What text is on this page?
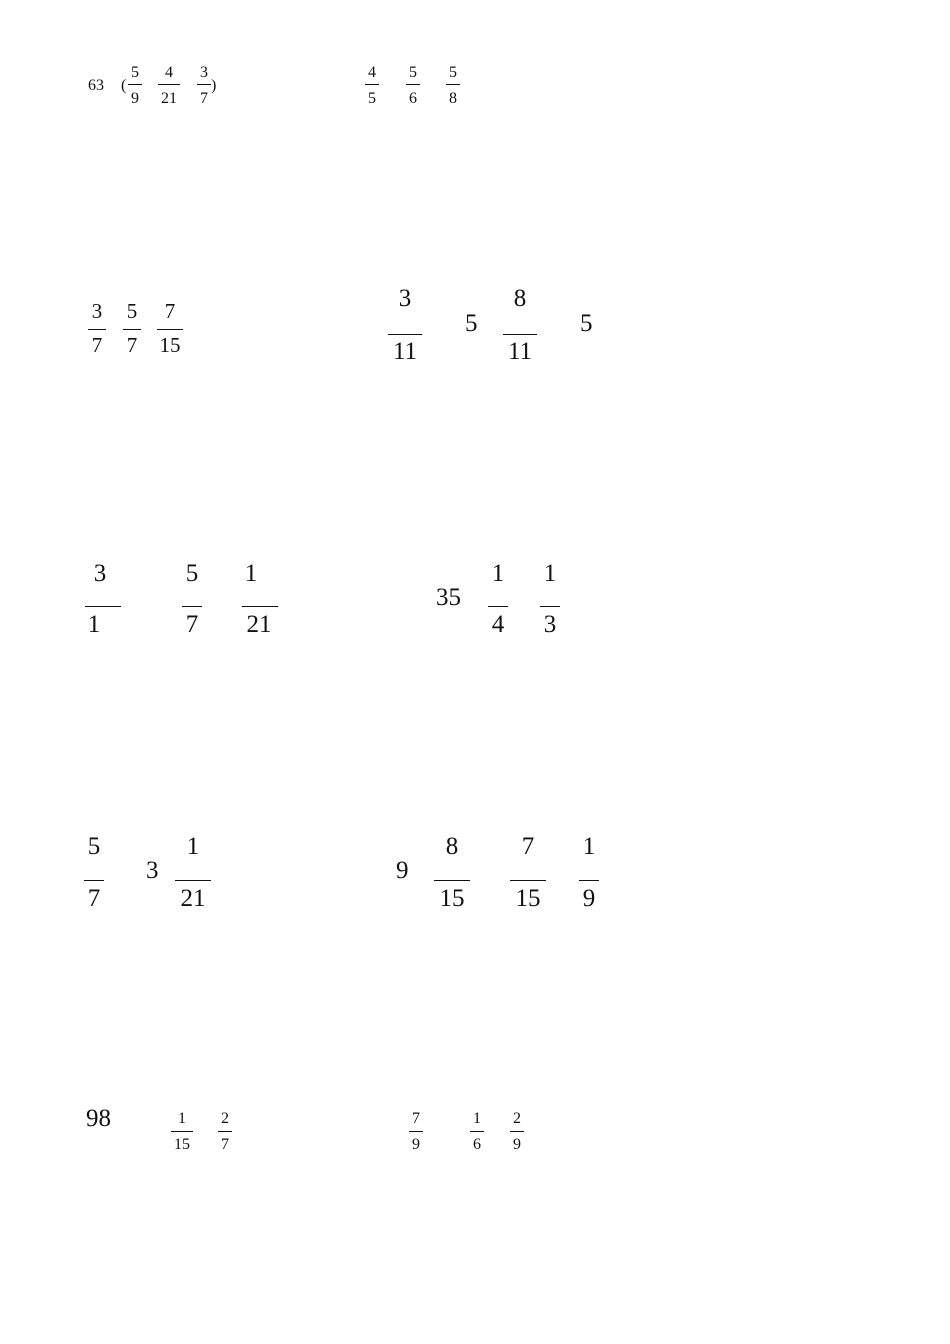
63 (
5
9
4
21
3
7
)
4
5
5
6
5
8
3
7
5
7
7
15
3
11
5
8
11
5
3
1
5
7
1
21
35
1
4
1
3
5
7
3
1
21
9
8
15
7
15
1
9
98	1
15
2
7
7
9
1
6
2
9
